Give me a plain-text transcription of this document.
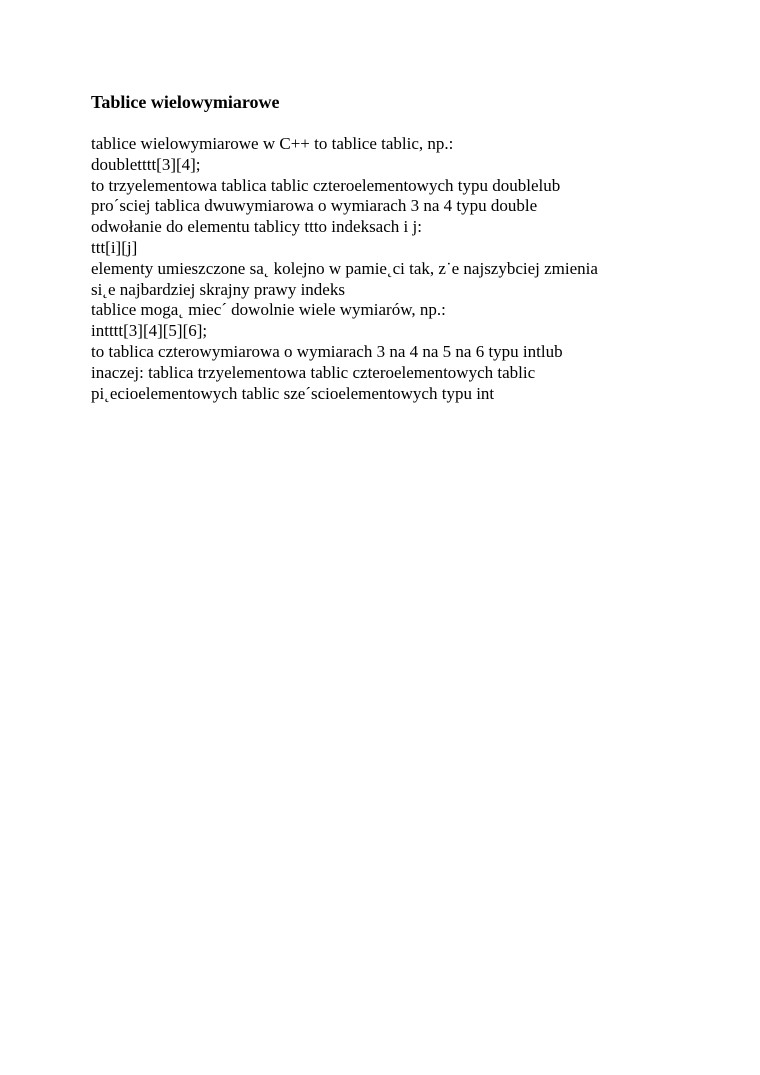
Tablice wielowymiarowe
tablice wielowymiarowe w C++ to tablice tablic, np.:
doubletttt[3][4];
to trzyelementowa tablica tablic czteroelementowych typu doublelub
pro´sciej tablica dwuwymiarowa o wymiarach 3 na 4 typu double
odwołanie do elementu tablicy ttto indeksach i j:
ttt[i][j]
elementy umieszczone sa˛ kolejno w pamie˛ci tak, z˙e najszybciej zmienia
si˛e najbardziej skrajny prawy indeks
tablice moga˛ miec´ dowolnie wiele wymiarów, np.:
intttt[3][4][5][6];
to tablica czterowymiarowa o wymiarach 3 na 4 na 5 na 6 typu intlub
inaczej: tablica trzyelementowa tablic czteroelementowych tablic
pi˛ecioelementowych tablic sze´scioelementowych typu int
